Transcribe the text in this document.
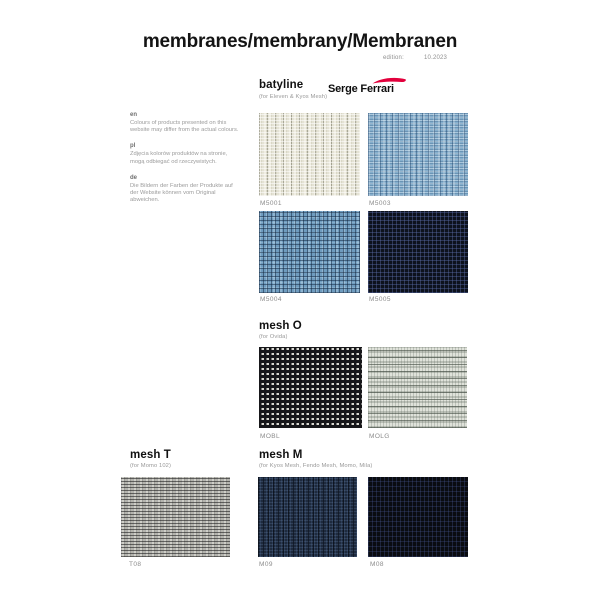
membranes/membrany/Membranen
edition:	10.2023
batyline
(for Eleven & Kyos Mesh)
Serge Ferrari
en
Colours of products presented on this website may differ from the actual colours.
pl
Zdjęcia kolorów produktów na stronie, mogą odbiegać od rzeczywistych.
de
Die Bildern der Farben der Produkte auf der Website können vom Original abweichen.	M5001	M5003
M5004	M5005
mesh O
(for Ovida)
MOBL	MOLG
mesh T
(for Momo 102)
T08
mesh M
(for Kyos Mesh, Fendo Mesh, Momo, Mila)
M09	M08
